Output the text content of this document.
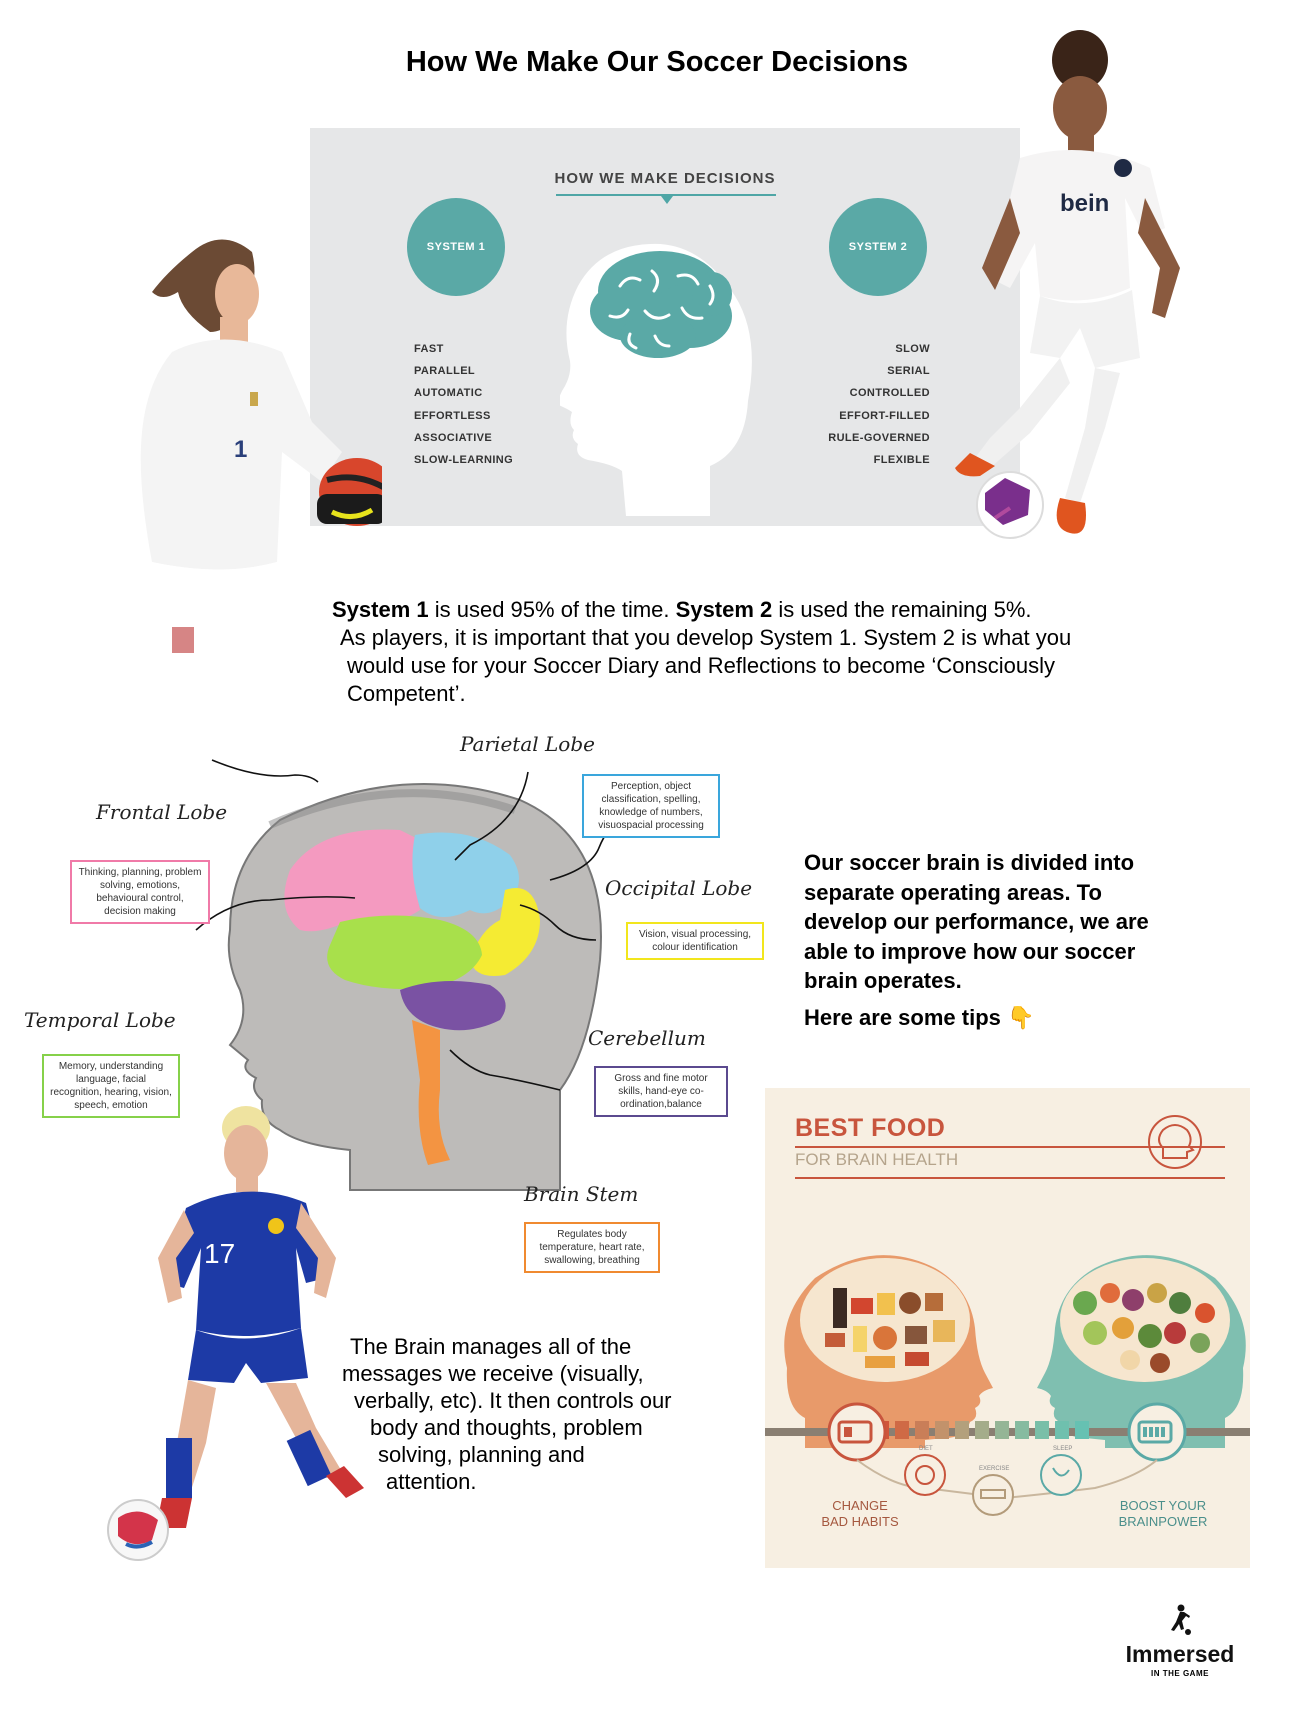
How We Make Our Soccer Decisions
HOW WE MAKE DECISIONS
SYSTEM 1	SYSTEM 2
FAST
PARALLEL
AUTOMATIC
EFFORTLESS
ASSOCIATIVE
SLOW-LEARNING
SLOW
SERIAL
CONTROLLED
EFFORT-FILLED
RULE-GOVERNED
FLEXIBLE
1
bein
System 1 is used 95% of the time. System 2 is used the remaining 5%.
As players, it is important that you develop System 1. System 2 is what you
would use for your Soccer Diary and Reflections to become ‘Consciously
Competent’.
Parietal Lobe
Frontal Lobe
Occipital Lobe
Temporal Lobe
Cerebellum
Brain Stem
Perception, object classification, spelling, knowledge of numbers, visuospacial processing
Thinking, planning, problem solving, emotions, behavioural control, decision making
Vision, visual processing, colour identification
Memory, understanding language, facial recognition, hearing, vision, speech, emotion
Gross and fine motor skills, hand-eye co-ordination,balance
Regulates body temperature, heart rate, swallowing, breathing
Our soccer brain is divided into
separate operating areas. To
develop our performance, we are
able to improve how our soccer
brain operates.
Here are some tips 👇
17
The Brain manages all of the
messages we receive (visually,
verbally, etc). It then controls our
body and thoughts, problem
solving, planning and
attention.
BEST FOOD
FOR BRAIN HEALTH
DIET
EXERCISE
SLEEP
CHANGE
BAD HABITS
BOOST YOUR
BRAINPOWER
Immersed
IN THE GAME
